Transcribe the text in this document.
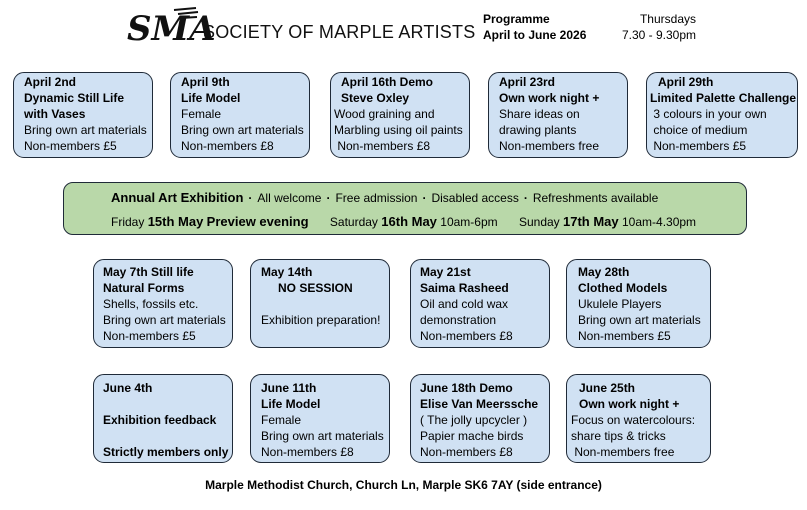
SMA
SOCIETY OF MARPLE ARTISTS
Programme
April to June 2026
Thursdays
7.30 - 9.30pm
April 2nd
Dynamic Still Life
with Vases
Bring own art materials
Non-members £5
April 9th
Life Model
Female
Bring own art materials
Non-members £8
April 16th Demo
Steve Oxley
Wood graining and
Marbling using oil paints
Non-members £8
April 23rd
Own work night +
Share ideas on
drawing plants
Non-members free
April 29th
Limited Palette Challenge
3 colours in your own
choice of medium
Non-members £5
Annual Art Exhibition · All welcome · Free admission · Disabled access · Refreshments available
Friday 15th May Preview evening Saturday 16th May 10am-6pm Sunday 17th May 10am-4.30pm
May 7th Still life
Natural Forms
Shells, fossils etc.
Bring own art materials
Non-members £5
May 14th
NO SESSION
Exhibition preparation!
May 21st
Saima Rasheed
Oil and cold wax
demonstration
Non-members £8
May 28th
Clothed Models
Ukulele Players
Bring own art materials
Non-members £5
June 4th
Exhibition feedback
Strictly members only
June 11th
Life Model
Female
Bring own art materials
Non-members £8
June 18th Demo
Elise Van Meerssche
( The jolly upcycler )
Papier mache birds
Non-members £8
June 25th
Own work night +
Focus on watercolours:
share tips & tricks
Non-members free
Marple Methodist Church, Church Ln, Marple SK6 7AY (side entrance)
